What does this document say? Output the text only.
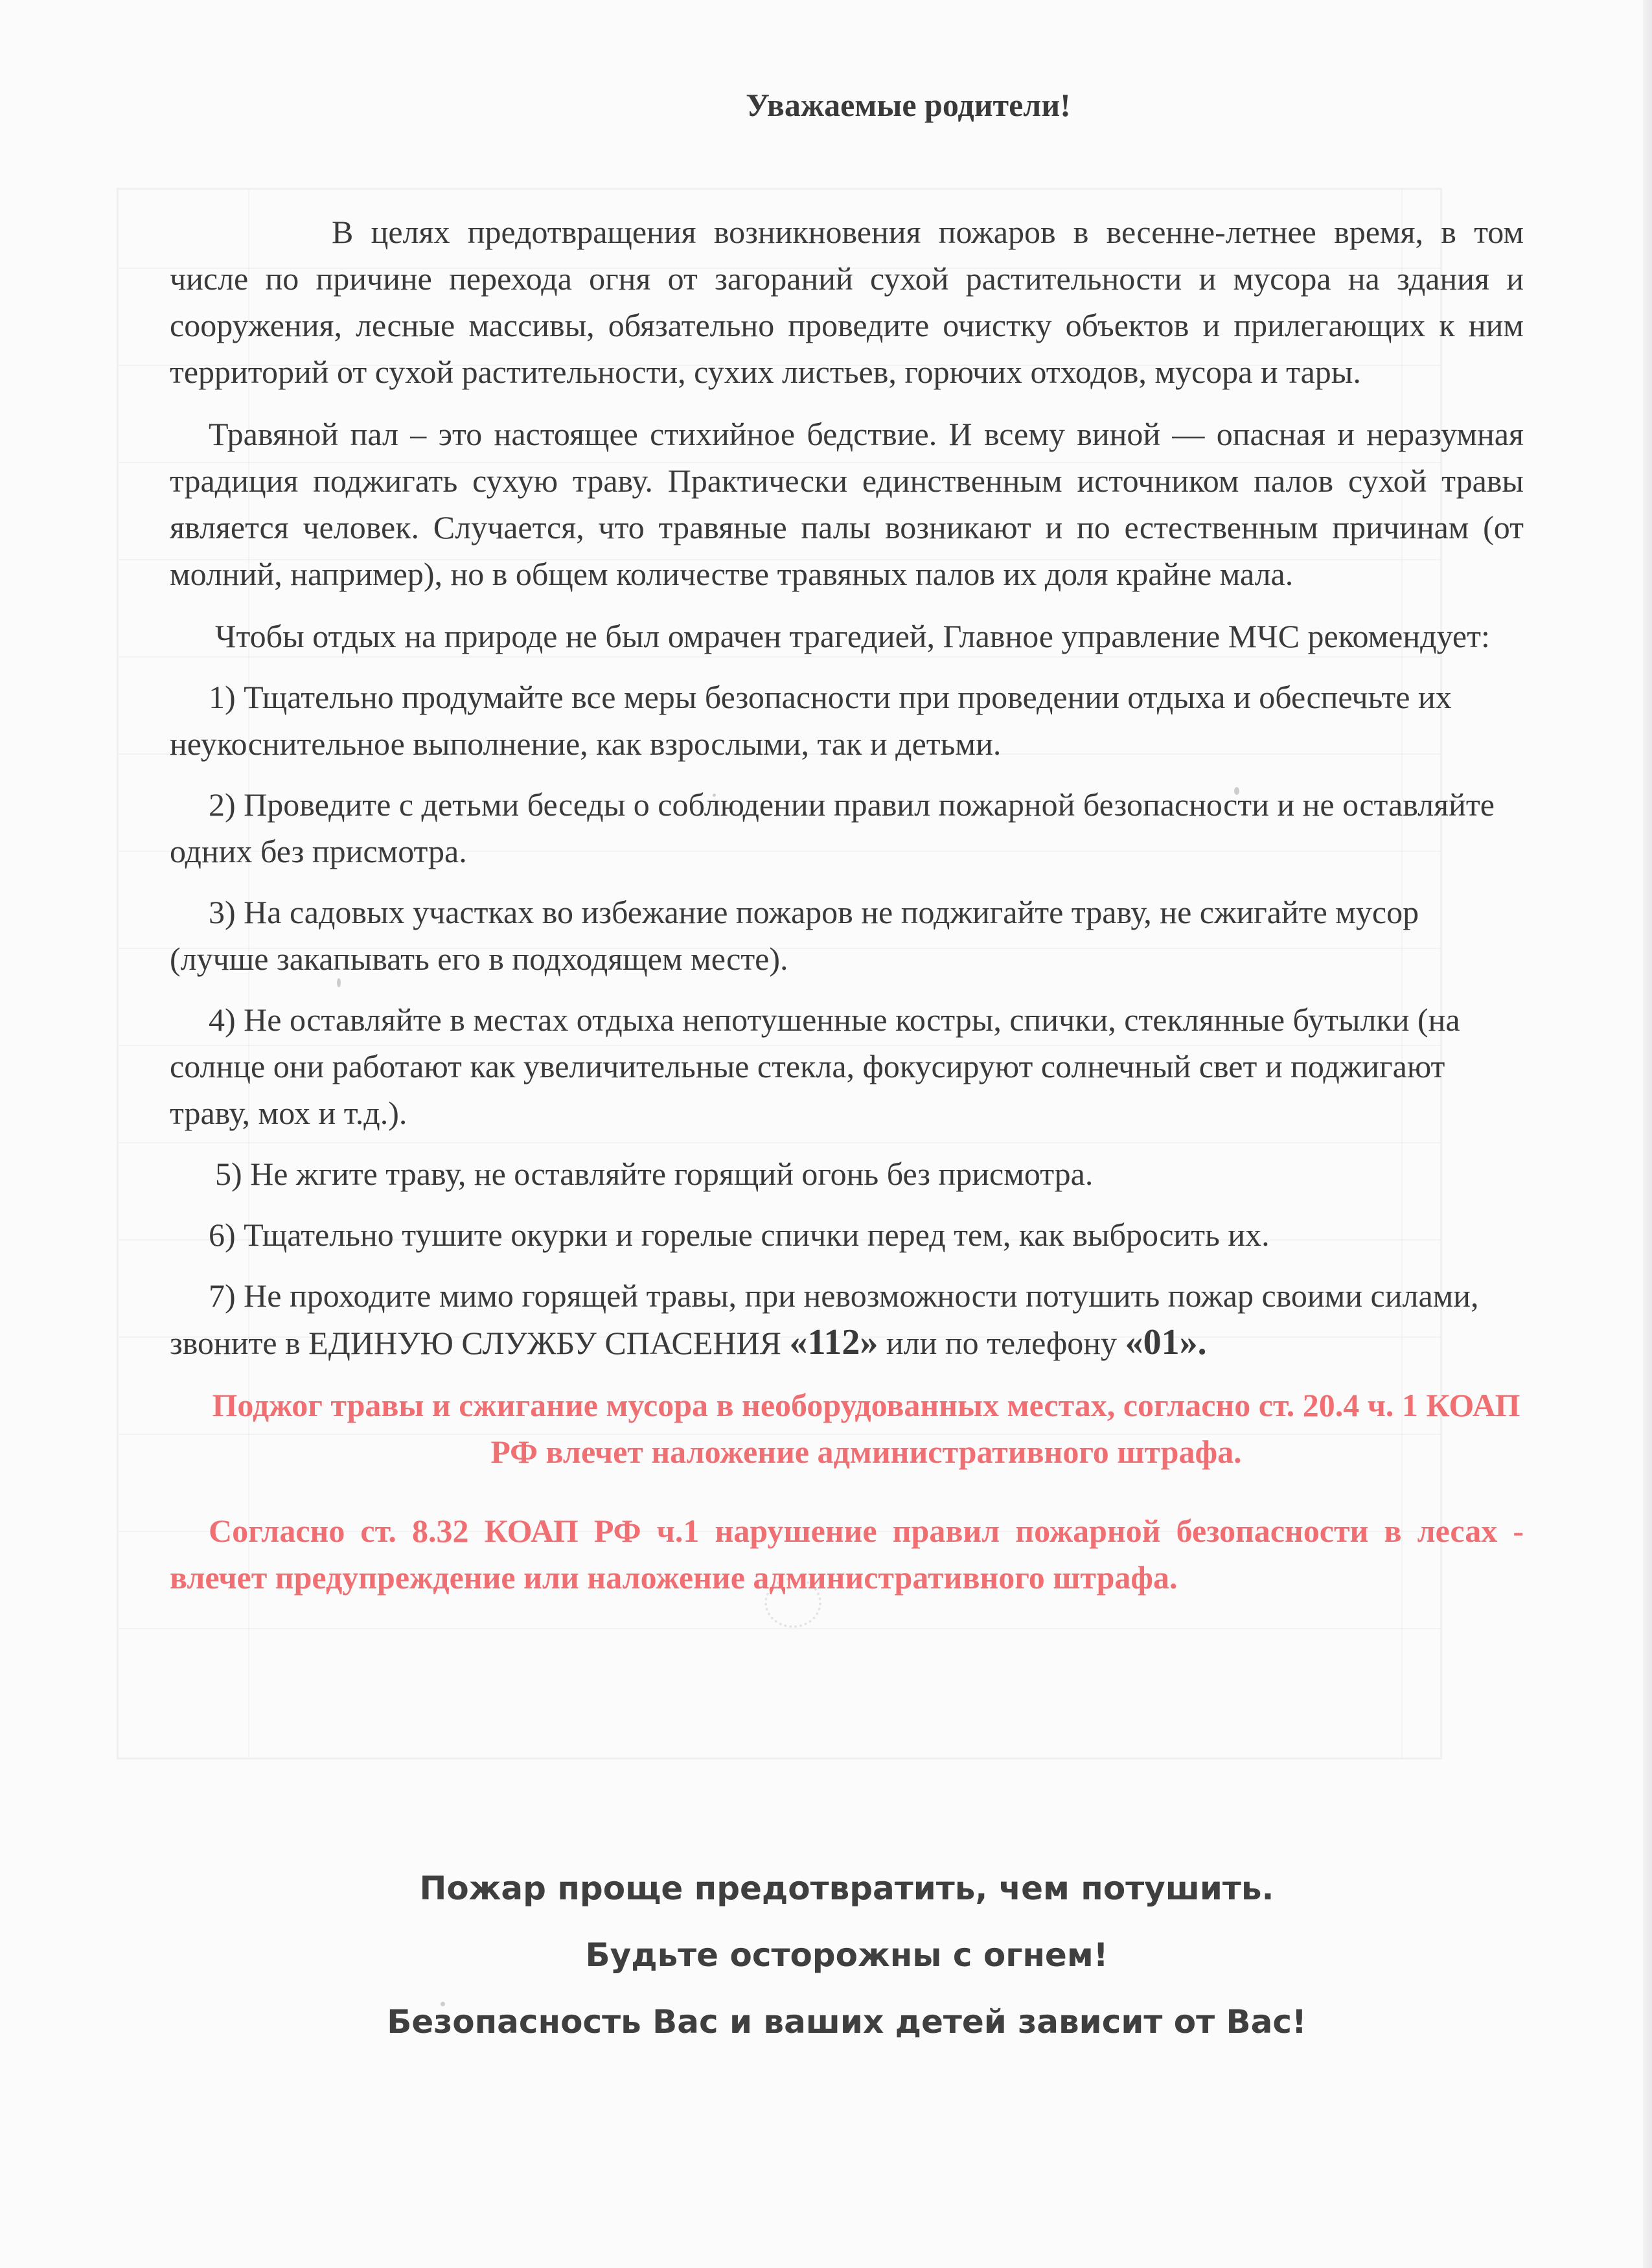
Уважаемые родители!

В целях предотвращения возникновения пожаров в весенне-летнее время, в том числе по причине перехода огня от загораний сухой растительности и мусора на здания и сооружения, лесные массивы, обязательно проведите очистку объектов и прилегающих к ним территорий от сухой растительности, сухих листьев, горючих отходов, мусора и тары.

Травяной пал – это настоящее стихийное бедствие. И всему виной — опасная и неразумная традиция поджигать сухую траву. Практически единственным источником палов сухой травы является человек. Случается, что травяные палы возникают и по естественным причинам (от молний, например), но в общем количестве травяных палов их доля крайне мала.

Чтобы отдых на природе не был омрачен трагедией, Главное управление МЧС рекомендует:

1) Тщательно продумайте все меры безопасности при проведении отдыха и обеспечьте их неукоснительное выполнение, как взрослыми, так и детьми.

2) Проведите с детьми беседы о соблюдении правил пожарной безопасности и не оставляйте одних без присмотра.

3) На садовых участках во избежание пожаров не поджигайте траву, не сжигайте мусор (лучше закапывать его в подходящем месте).

4) Не оставляйте в местах отдыха непотушенные костры, спички, стеклянные бутылки (на солнце они работают как увеличительные стекла, фокусируют солнечный свет и поджигают траву, мох и т.д.).

5) Не жгите траву, не оставляйте горящий огонь без присмотра.

6) Тщательно тушите окурки и горелые спички перед тем, как выбросить их.

7) Не проходите мимо горящей травы, при невозможности потушить пожар своими силами, звоните в ЕДИНУЮ СЛУЖБУ СПАСЕНИЯ «112» или по телефону «01».

Поджог травы и сжигание мусора в необорудованных местах, согласно ст. 20.4 ч. 1 КОАП РФ влечет наложение административного штрафа.

Согласно ст. 8.32 КОАП РФ ч.1 нарушение правил пожарной безопасности в лесах - влечет предупреждение или наложение административного штрафа.

Пожар проще предотвратить, чем потушить.

Будьте осторожны с огнем!

Безопасность Вас и ваших детей зависит от Вас!
